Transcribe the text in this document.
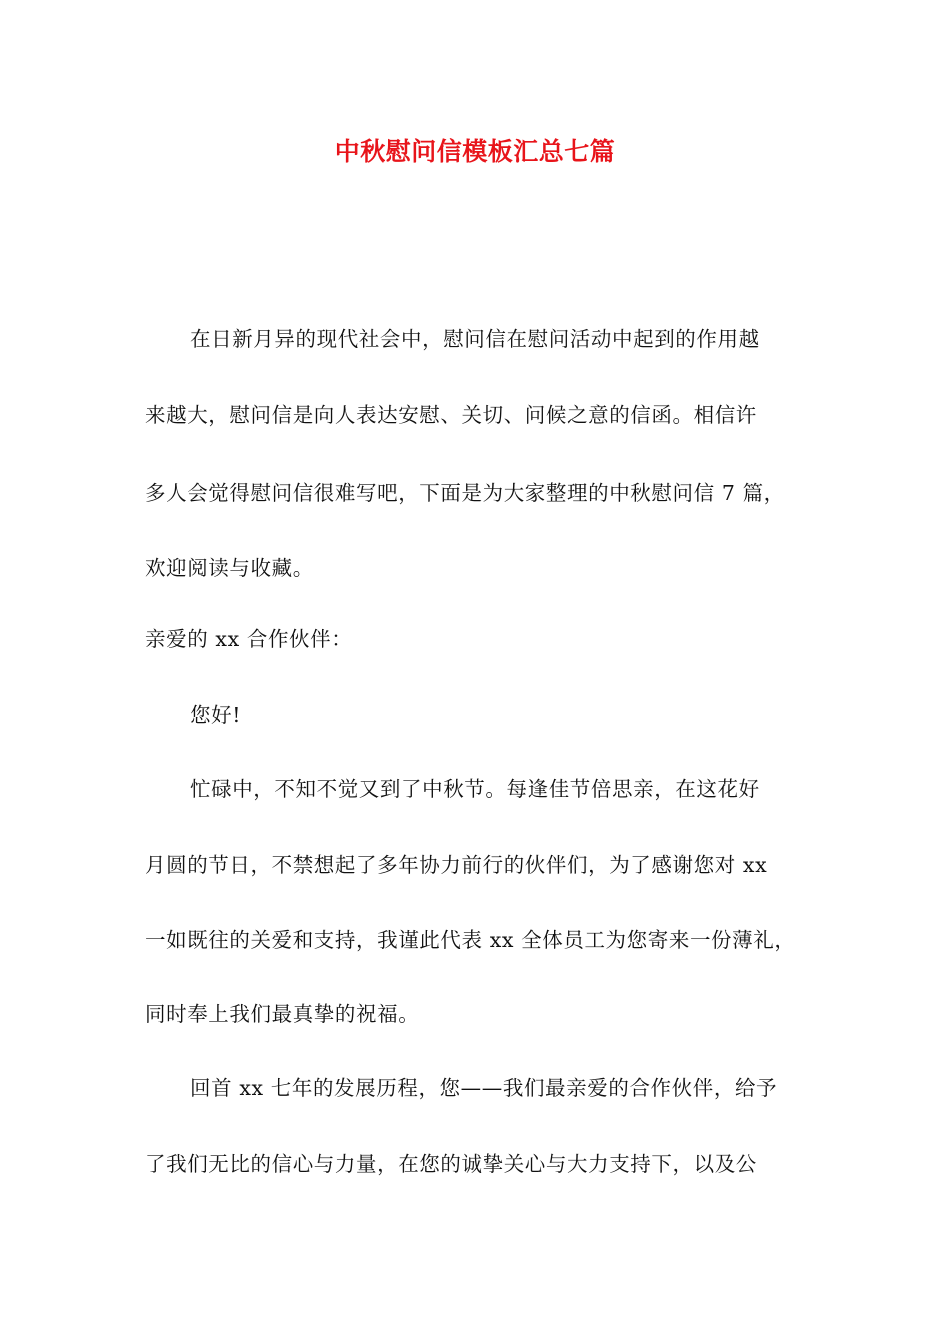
中秋慰问信模板汇总七篇
在日新月异的现代社会中，慰问信在慰问活动中起到的作用越
来越大，慰问信是向人表达安慰、关切、问候之意的信函。相信许
多人会觉得慰问信很难写吧，下面是为大家整理的中秋慰问信 7 篇，
欢迎阅读与收藏。
亲爱的 xx 合作伙伴：
您好!
忙碌中，不知不觉又到了中秋节。每逢佳节倍思亲，在这花好
月圆的节日，不禁想起了多年协力前行的伙伴们，为了感谢您对 xx
一如既往的关爱和支持，我谨此代表 xx 全体员工为您寄来一份薄礼，
同时奉上我们最真挚的祝福。
回首 xx 七年的发展历程，您——我们最亲爱的合作伙伴，给予
了我们无比的信心与力量，在您的诚挚关心与大力支持下，以及公
